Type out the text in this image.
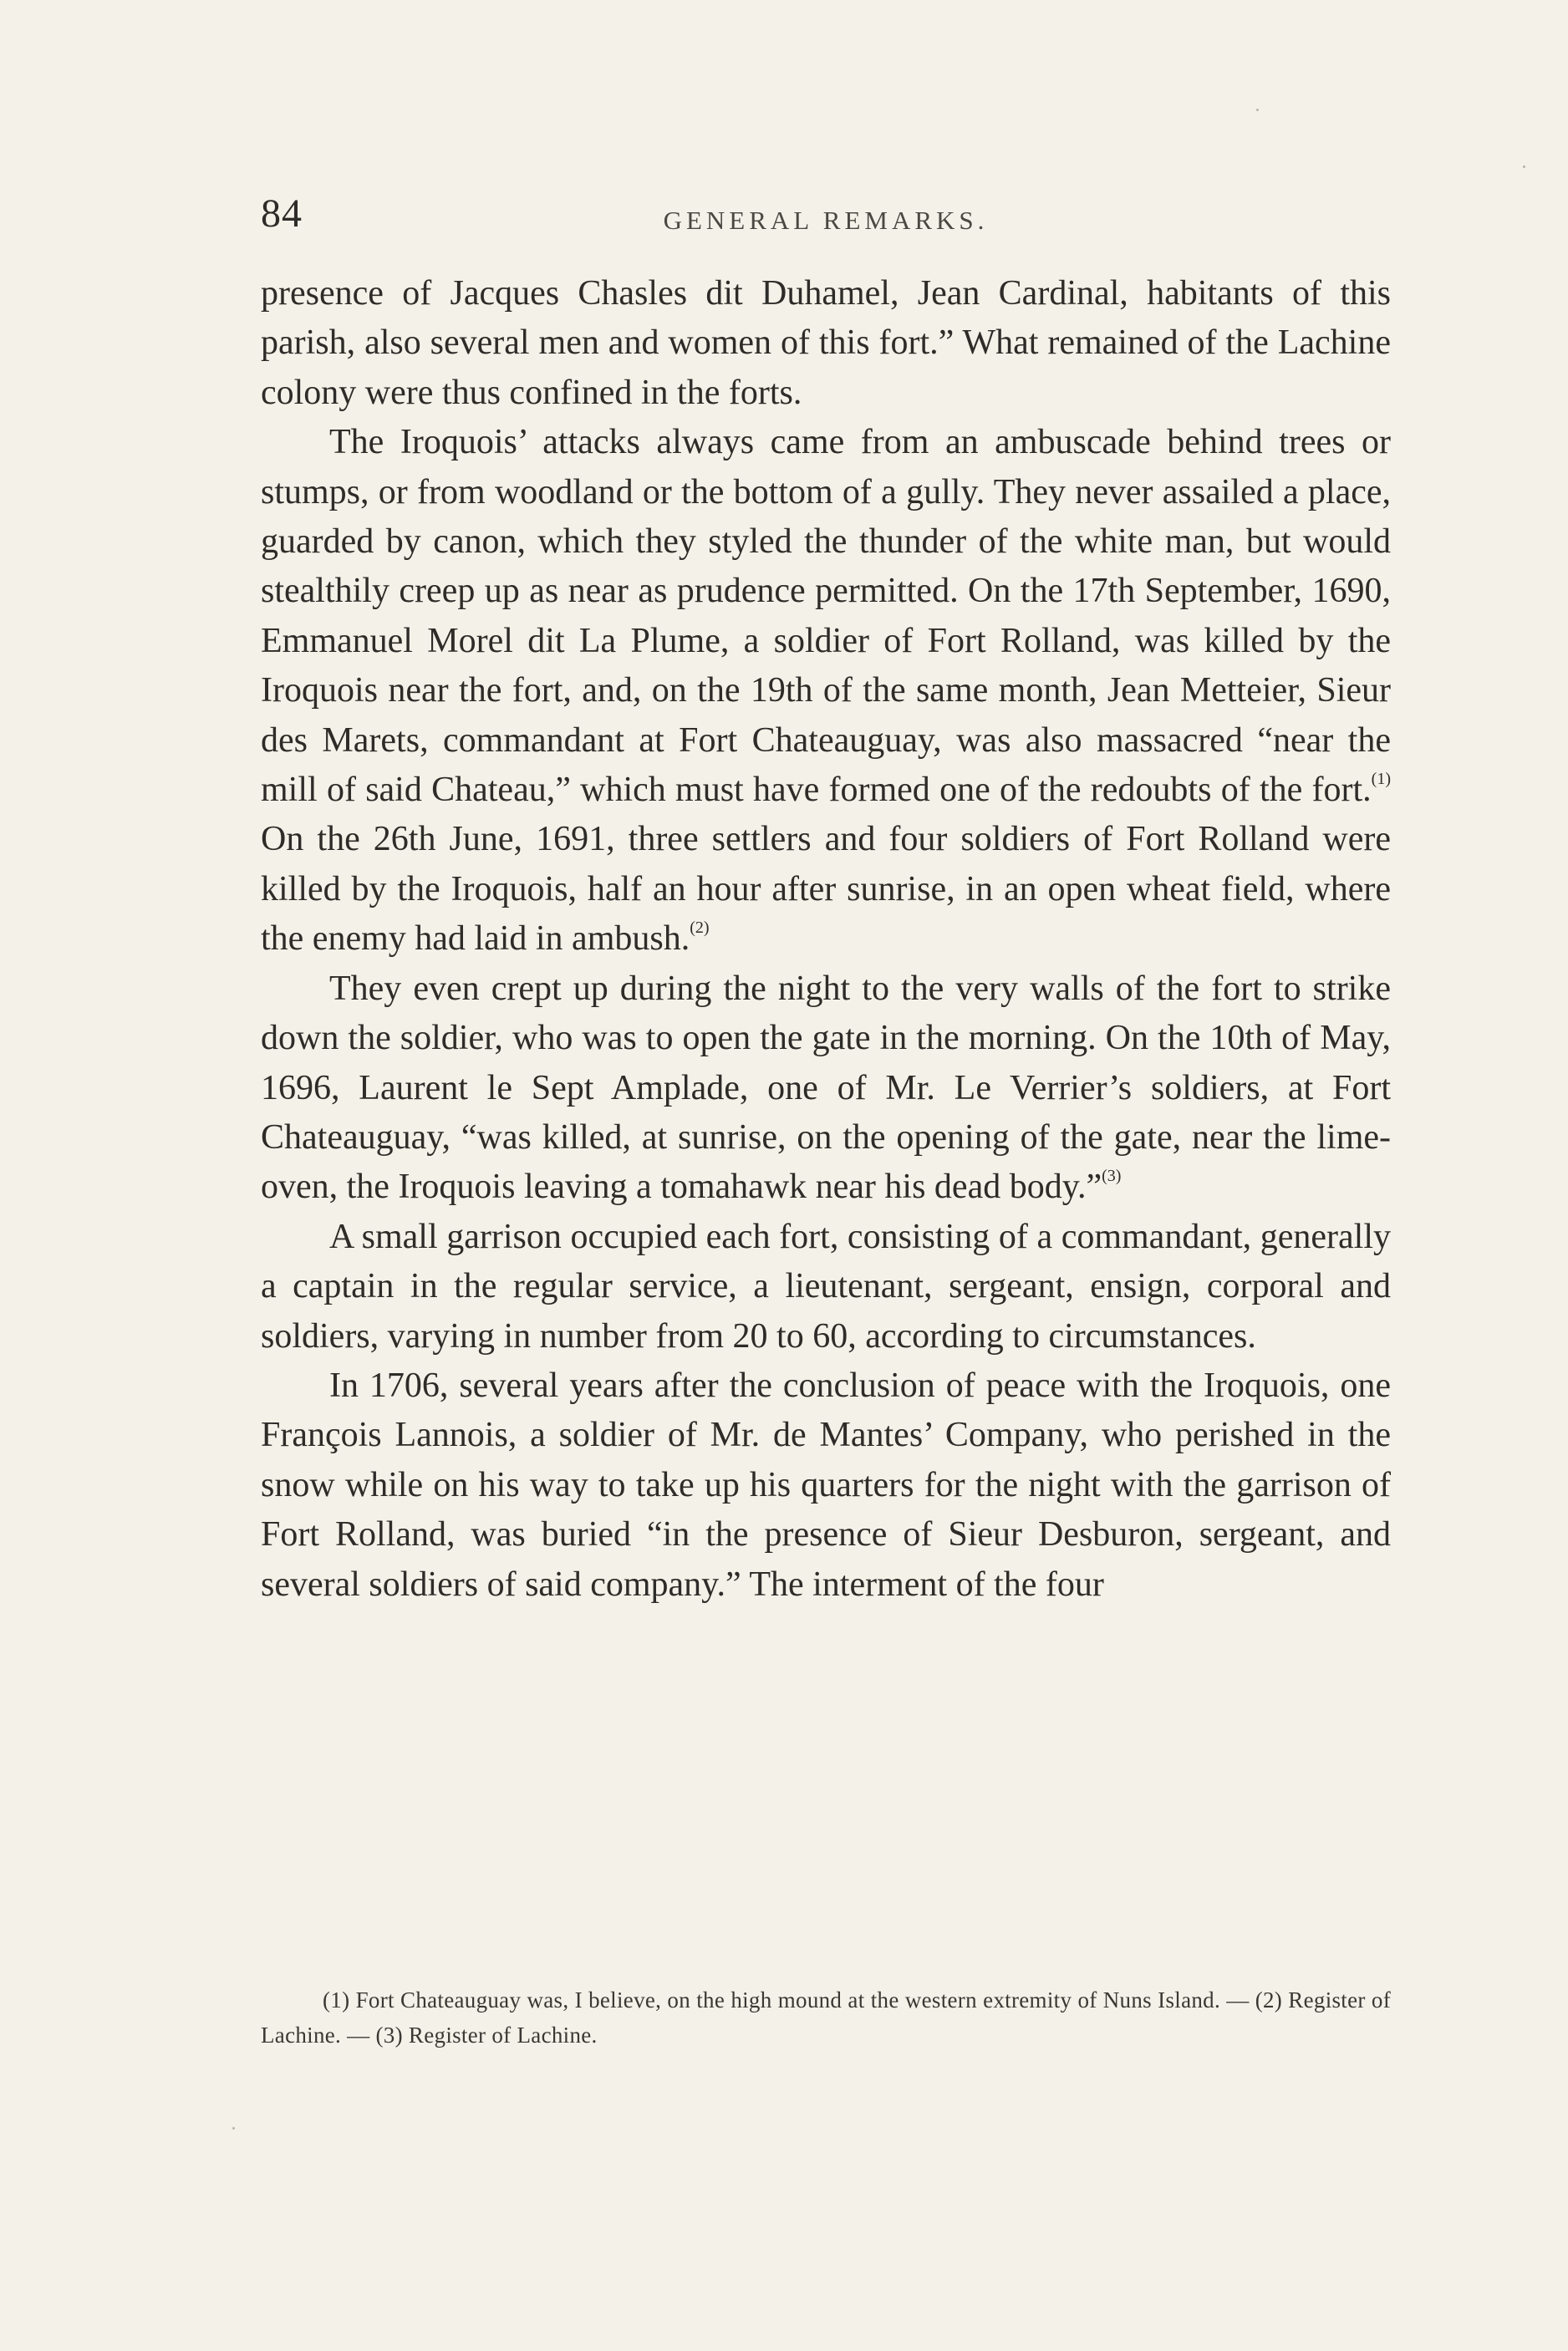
84	GENERAL REMARKS.

presence of Jacques Chasles dit Duhamel, Jean Cardinal, habitants of this parish, also several men and women of this fort.” What remained of the Lachine colony were thus confined in the forts.

The Iroquois’ attacks always came from an ambuscade behind trees or stumps, or from woodland or the bottom of a gully. They never assailed a place, guarded by canon, which they styled the thunder of the white man, but would stealthily creep up as near as prudence permitted. On the 17th September, 1690, Emmanuel Morel dit La Plume, a soldier of Fort Rolland, was killed by the Iroquois near the fort, and, on the 19th of the same month, Jean Metteier, Sieur des Marets, commandant at Fort Chateauguay, was also massacred “near the mill of said Chateau,” which must have formed one of the redoubts of the fort.$^{(1)}$ On the 26th June, 1691, three settlers and four soldiers of Fort Rolland were killed by the Iroquois, half an hour after sunrise, in an open wheat field, where the enemy had laid in ambush.$^{(2)}$

They even crept up during the night to the very walls of the fort to strike down the soldier, who was to open the gate in the morning. On the 10th of May, 1696, Laurent le Sept Amplade, one of Mr. Le Verrier’s soldiers, at Fort Chateauguay, “was killed, at sunrise, on the opening of the gate, near the lime-oven, the Iroquois leaving a tomahawk near his dead body.”$^{(3)}$

A small garrison occupied each fort, consisting of a commandant, generally a captain in the regular service, a lieutenant, sergeant, ensign, corporal and soldiers, varying in number from 20 to 60, according to circumstances.

In 1706, several years after the conclusion of peace with the Iroquois, one François Lannois, a soldier of Mr. de Mantes’ Company, who perished in the snow while on his way to take up his quarters for the night with the garrison of Fort Rolland, was buried “in the presence of Sieur Desburon, sergeant, and several soldiers of said company.” The interment of the four

(1) Fort Chateauguay was, I believe, on the high mound at the western extremity of Nuns Island. — (2) Register of Lachine. — (3) Register of Lachine.
